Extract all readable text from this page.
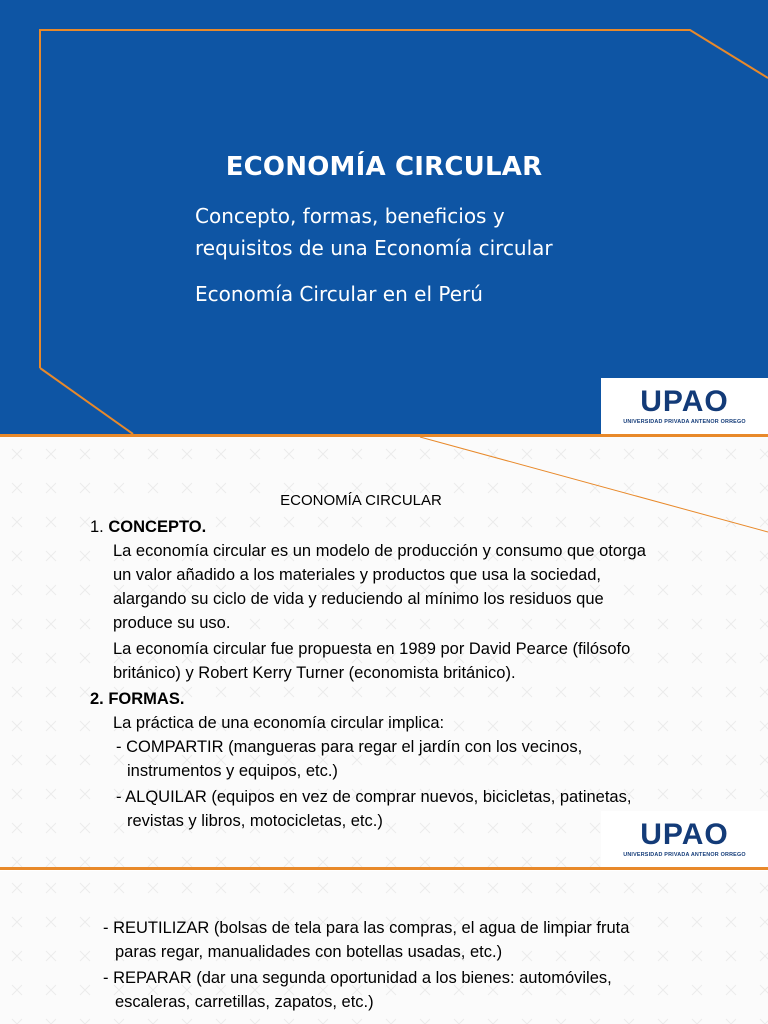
ECONOMÍA CIRCULAR
Concepto, formas, beneficios y
requisitos de una Economía circular
Economía Circular en el Perú
UPAO
UNIVERSIDAD PRIVADA ANTENOR ORREGO
ECONOMÍA CIRCULAR
1. CONCEPTO.
La economía circular es un modelo de producción y consumo que otorga
un valor añadido a los materiales y productos que usa la sociedad,
alargando su ciclo de vida y reduciendo al mínimo los residuos que
produce su uso.
La economía circular fue propuesta en 1989 por David Pearce (filósofo
británico) y Robert Kerry Turner (economista británico).
2. FORMAS.
La práctica de una economía circular implica:
- COMPARTIR (mangueras para regar el jardín con los vecinos,
instrumentos y equipos, etc.)
- ALQUILAR (equipos en vez de comprar nuevos, bicicletas, patinetas,
revistas y libros, motocicletas, etc.)	UPAO
UNIVERSIDAD PRIVADA ANTENOR ORREGO
- REUTILIZAR (bolsas de tela para las compras, el agua de limpiar fruta
paras regar, manualidades con botellas usadas, etc.)
- REPARAR (dar una segunda oportunidad a los bienes: automóviles,
escaleras, carretillas, zapatos, etc.)
